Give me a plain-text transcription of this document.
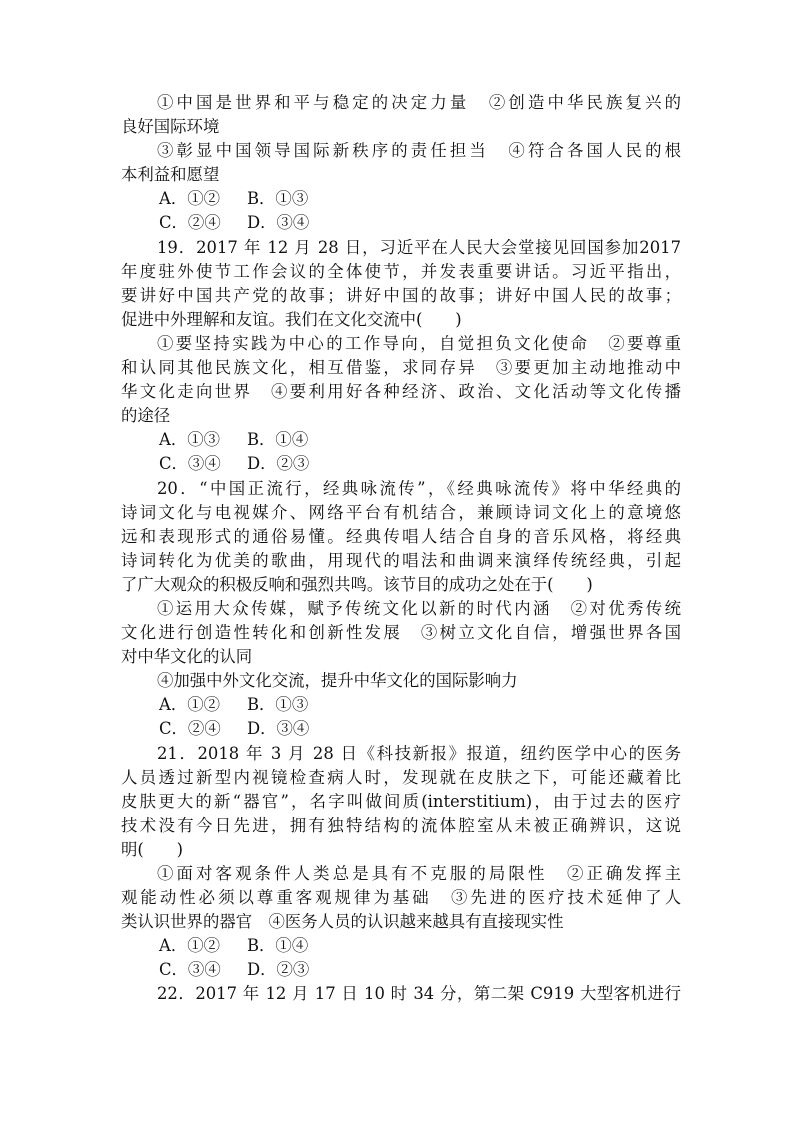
①中国是世界和平与稳定的决定力量　②创造中华民族复兴的
良好国际环境
③彰显中国领导国际新秩序的责任担当　④符合各国人民的根
本利益和愿望
A．①② B．①③
C．②④ D．③④
19．2017 年 12 月 28 日，习近平在人民大会堂接见回国参加2017
年度驻外使节工作会议的全体使节，并发表重要讲话。习近平指出，
要讲好中国共产党的故事；讲好中国的故事；讲好中国人民的故事；
促进中外理解和友谊。我们在文化交流中(　　)
①要坚持实践为中心的工作导向，自觉担负文化使命　②要尊重
和认同其他民族文化，相互借鉴，求同存异　③要更加主动地推动中
华文化走向世界　④要利用好各种经济、政治、文化活动等文化传播
的途径
A．①③ B．①④
C．③④ D．②③
20．“中国正流行，经典咏流传”，《经典咏流传》将中华经典的
诗词文化与电视媒介、网络平台有机结合，兼顾诗词文化上的意境悠
远和表现形式的通俗易懂。经典传唱人结合自身的音乐风格，将经典
诗词转化为优美的歌曲，用现代的唱法和曲调来演绎传统经典，引起
了广大观众的积极反响和强烈共鸣。该节目的成功之处在于(　　)
①运用大众传媒，赋予传统文化以新的时代内涵　②对优秀传统
文化进行创造性转化和创新性发展　③树立文化自信，增强世界各国
对中华文化的认同
④加强中外文化交流，提升中华文化的国际影响力
A．①② B．①③
C．②④ D．③④
21．2018 年 3 月 28 日《科技新报》报道，纽约医学中心的医务
人员透过新型内视镜检查病人时，发现就在皮肤之下，可能还藏着比
皮肤更大的新“器官”，名字叫做间质(interstitium)，由于过去的医疗
技术没有今日先进，拥有独特结构的流体腔室从未被正确辨识，这说
明(　　)
①面对客观条件人类总是具有不克服的局限性　②正确发挥主
观能动性必须以尊重客观规律为基础　③先进的医疗技术延伸了人
类认识世界的器官　④医务人员的认识越来越具有直接现实性
A．①② B．①④
C．③④ D．②③
22．2017 年 12 月 17 日 10 时 34 分，第二架 C919 大型客机进行
